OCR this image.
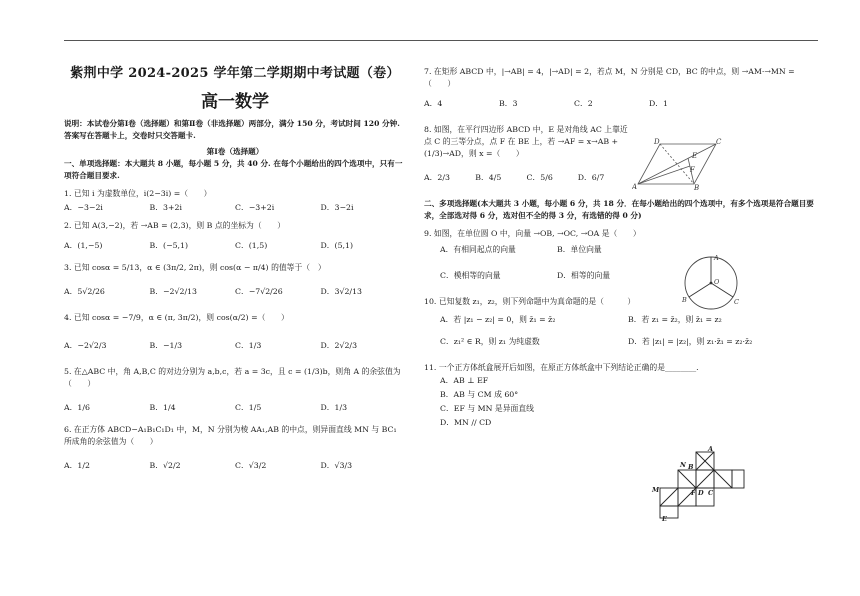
紫荆中学 2024-2025 学年第二学期期中考试题（卷）
高一数学

说明：本试卷分第Ⅰ卷（选择题）和第Ⅱ卷（非选择题）两部分，满分 150 分，考试时间 120 分钟.

答案写在答题卡上，交卷时只交答题卡.

第Ⅰ卷（选择题）

一、单项选择题：本大题共 8 小题，每小题 5 分，共 40 分. 在每个小题给出的四个选项中，只有一项符合题目要求.

1. 已知 i 为虚数单位，i(2−3i) =（　　）

A．−3−2i	B．3+2i	C．−3+2i	D．3−2i

2. 已知 A(3,−2)，若 →AB = (2,3)，则 B 点的坐标为（　　）

A．(1,−5)	B．(−5,1)	C．(1,5)	D．(5,1)

3. 已知 cosα = 5/13，α ∈ (3π/2, 2π)，则 cos(α − π/4) 的值等于（　）

A．5√2/26	B．−2√2/13	C．−7√2/26	D．3√2/13

4. 已知 cosα = −7/9，α ∈ (π, 3π/2)，则 cos(α/2) =（　　）

A．−2√2/3	B．−1/3	C．1/3	D．2√2/3

5. 在△ABC 中，角 A,B,C 的对边分别为 a,b,c，若 a = 3c，且 c = (1/3)b，则角 A 的余弦值为（　　）

A．1/6	B．1/4	C．1/5	D．1/3

6. 在正方体 ABCD−A₁B₁C₁D₁ 中，M，N 分别为棱 AA₁,AB 的中点，则异面直线 MN 与 BC₁ 所成角的余弦值为（　　）

A．1/2	B．√2/2	C．√3/2	D．√3/3

7. 在矩形 ABCD 中，|→AB| = 4，|→AD| = 2，若点 M，N 分别是 CD，BC 的中点，则 →AM·→MN =（　　）

A．4	B．3	C．2	D．1

8. 如图，在平行四边形 ABCD 中，E 是对角线 AC 上靠近点 C 的三等分点，点 F 在 BE 上，若 →AF = x→AB + (1/3)→AD，则 x =（　　）

A．2/3	B．4/5	C．5/6	D．6/7

二、多项选择题(本大题共 3 小题，每小题 6 分，共 18 分．在每小题给出的四个选项中，有多个选项是符合题目要求，全部选对得 6 分，选对但不全的得 3 分，有选错的得 0 分)

9. 如图，在单位圆 O 中，向量 →OB, →OC, →OA 是（　　）

A．有相同起点的向量	B．单位向量
C．模相等的向量	D．相等的向量

10. 已知复数 z₁，z₂，则下列命题中为真命题的是（　　　）

A．若 |z₁ − z₂| = 0，则 z̄₁ = z̄₂	B．若 z₁ = z̄₂，则 z̄₁ = z₂
C．z₁² ∈ R，则 z₁ 为纯虚数	D．若 |z₁| = |z₂|，则 z₁·z̄₁ = z₂·z̄₂

11. 一个正方体纸盒展开后如图，在原正方体纸盒中下列结论正确的是________.

A．AB ⊥ EF
B．AB 与 CM 成 60°
C．EF 与 MN 是异面直线
D．MN // CD
A	B
C
D
E
F
A
B	C
O
A
B
C
D
E
F
M
N
